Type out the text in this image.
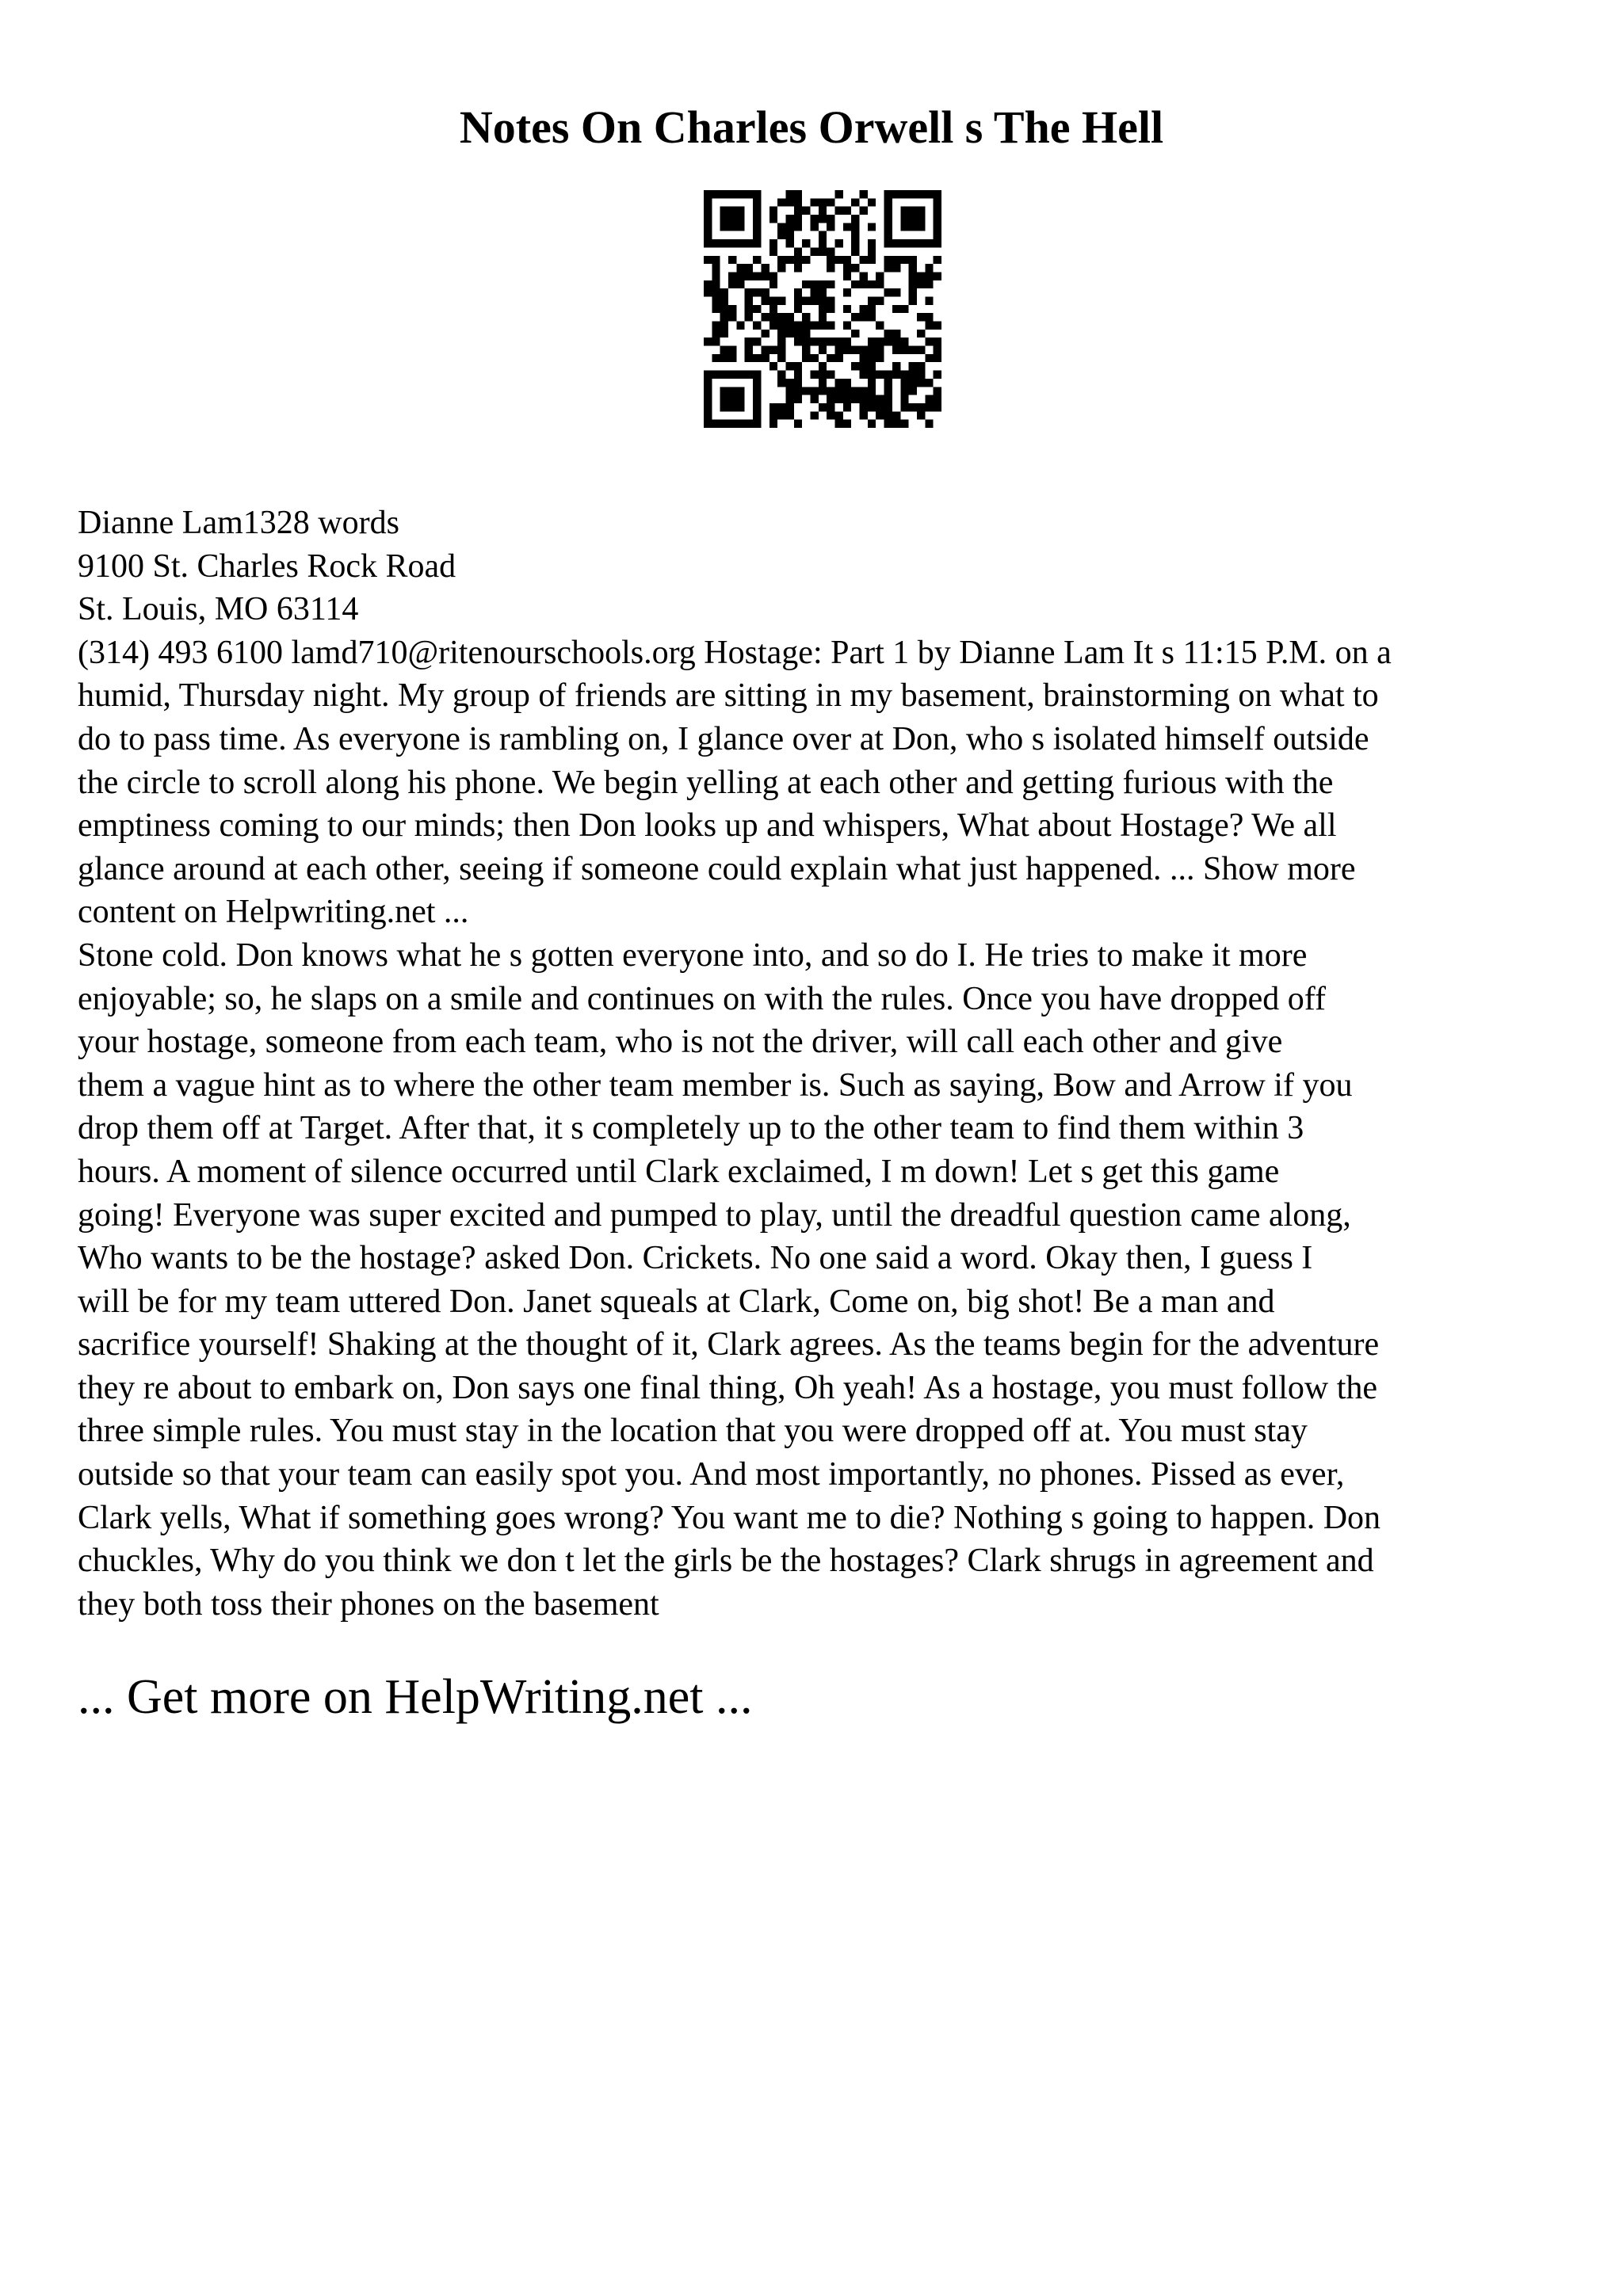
Notes On Charles Orwell s The Hell
Dianne Lam1328 words
9100 St. Charles Rock Road
St. Louis, MO 63114
(314) 493 6100 lamd710@ritenourschools.org Hostage: Part 1 by Dianne Lam It s 11:15 P.M. on a
humid, Thursday night. My group of friends are sitting in my basement, brainstorming on what to
do to pass time. As everyone is rambling on, I glance over at Don, who s isolated himself outside
the circle to scroll along his phone. We begin yelling at each other and getting furious with the
emptiness coming to our minds; then Don looks up and whispers, What about Hostage? We all
glance around at each other, seeing if someone could explain what just happened. ... Show more
content on Helpwriting.net ...
Stone cold. Don knows what he s gotten everyone into, and so do I. He tries to make it more
enjoyable; so, he slaps on a smile and continues on with the rules. Once you have dropped off
your hostage, someone from each team, who is not the driver, will call each other and give
them a vague hint as to where the other team member is. Such as saying, Bow and Arrow if you
drop them off at Target. After that, it s completely up to the other team to find them within 3
hours. A moment of silence occurred until Clark exclaimed, I m down! Let s get this game
going! Everyone was super excited and pumped to play, until the dreadful question came along,
Who wants to be the hostage? asked Don. Crickets. No one said a word. Okay then, I guess I
will be for my team uttered Don. Janet squeals at Clark, Come on, big shot! Be a man and
sacrifice yourself! Shaking at the thought of it, Clark agrees. As the teams begin for the adventure
they re about to embark on, Don says one final thing, Oh yeah! As a hostage, you must follow the
three simple rules. You must stay in the location that you were dropped off at. You must stay
outside so that your team can easily spot you. And most importantly, no phones. Pissed as ever,
Clark yells, What if something goes wrong? You want me to die? Nothing s going to happen. Don
chuckles, Why do you think we don t let the girls be the hostages? Clark shrugs in agreement and
they both toss their phones on the basement
... Get more on HelpWriting.net ...
